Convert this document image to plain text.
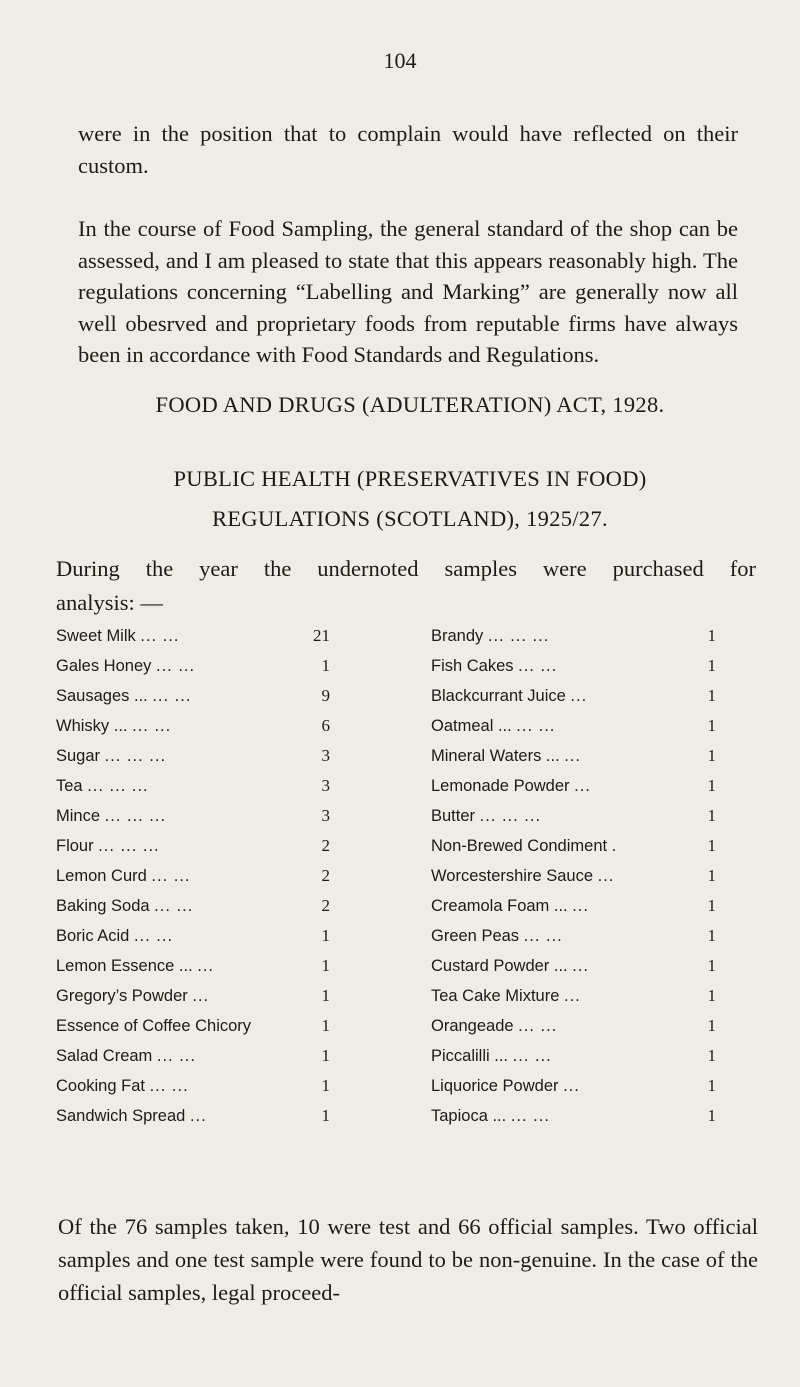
104

were in the position that to complain would have reflected on their custom.

In the course of Food Sampling, the general standard of the shop can be assessed, and I am pleased to state that this appears reasonably high. The regulations concerning “Labelling and Marking” are generally now all well obesrved and proprietary foods from reputable firms have always been in accordance with Food Standards and Regulations.

FOOD AND DRUGS (ADULTERATION) ACT, 1928.

PUBLIC HEALTH (PRESERVATIVES IN FOOD)

REGULATIONS (SCOTLAND), 1925/27.

During the year the undernoted samples were purchased for
analysis: —
Sweet Milk ... ...	21	Brandy ... ... ...	1
Gales Honey ... ...	1	Fish Cakes ... ...	1
Sausages ... ... ...	9	Blackcurrant Juice ...	1
Whisky ... ... ...	6	Oatmeal ... ... ...	1
Sugar ... ... ...	3	Mineral Waters ... ...	1
Tea ... ... ...	3	Lemonade Powder ...	1
Mince ... ... ...	3	Butter ... ... ...	1
Flour ... ... ...	2	Non-Brewed Condiment .	1
Lemon Curd ... ...	2	Worcestershire Sauce ...	1
Baking Soda ... ...	2	Creamola Foam ... ...	1
Boric Acid ... ...	1	Green Peas ... ...	1
Lemon Essence ... ...	1	Custard Powder ... ...	1
Gregory’s Powder ...	1	Tea Cake Mixture ...	1
Essence of Coffee Chicory	1	Orangeade ... ...	1
Salad Cream ... ...	1	Piccalilli ... ... ...	1
Cooking Fat ... ...	1	Liquorice Powder ...	1
Sandwich Spread ...	1	Tapioca ... ... ...	1

Of the 76 samples taken, 10 were test and 66 official samples. Two official samples and one test sample were found to be non-genuine. In the case of the official samples, legal proceed-
